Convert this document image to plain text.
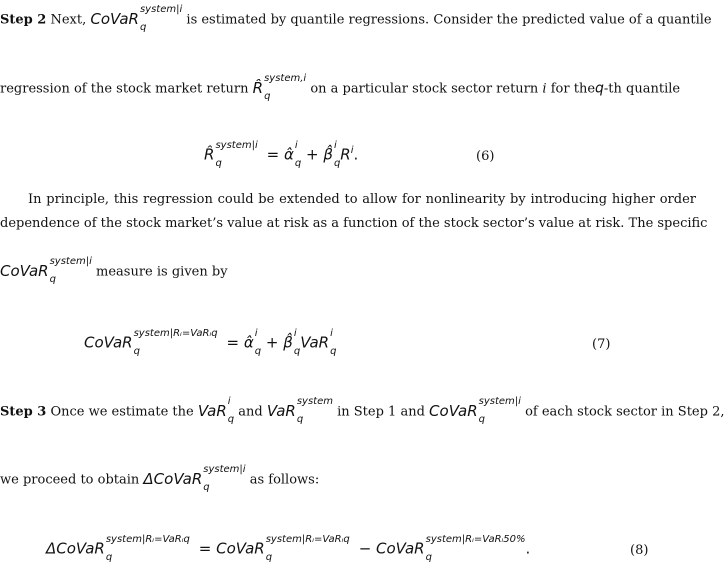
Step 2 Next, CoVaR system|i
q	is estimated by quantile regressions. Consider the predicted value of a quantile
regression of the stock market return R̂ system,i
q	on a particular stock sector return i for theq-th quantile
R̂ system|i
q	= α̂ i
q + β̂ i
q $R^i$.	(6)
In principle, this regression could be extended to allow for nonlinearity by introducing higher order
dependence of the stock market’s value at risk as a function of the stock sector’s value at risk. The specific
CoVaR system|i
q	measure is given by
CoVaR system|Rᵢ=VaRᵢq
q	= α̂ i
q + β̂ i
q VaR i
q	(7)
Step 3 Once we estimate the VaR i
q and VaR system
q	in Step 1 and CoVaR system|i
q	of each stock sector in Step 2,
we proceed to obtain ΔCoVaR system|i
q	as follows:
ΔCoVaR system|Rᵢ=VaRᵢq
q	= CoVaR system|Rᵢ=VaRᵢq
q	− CoVaR system|Rᵢ=VaRᵢ50%
q	.	(8)
